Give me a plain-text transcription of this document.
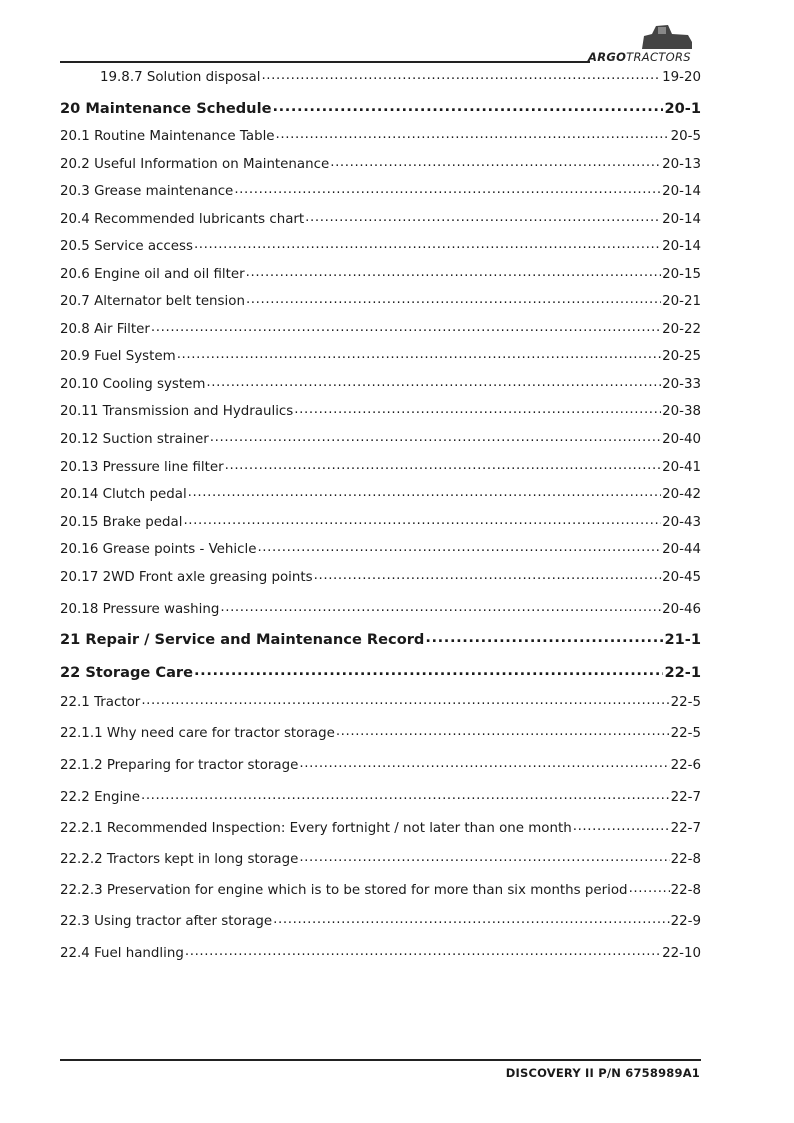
ARGOTRACTORS
19.8.7 Solution disposal .....	19-20
20 Maintenance Schedule .....	20-1
20.1 Routine Maintenance Table .....	20-5
20.2 Useful Information on Maintenance .....	20-13
20.3 Grease maintenance .....	20-14
20.4 Recommended lubricants chart .....	20-14
20.5 Service access .....	20-14
20.6 Engine oil and oil filter .....	20-15
20.7 Alternator belt tension .....	20-21
20.8 Air Filter .....	20-22
20.9 Fuel System .....	20-25
20.10 Cooling system .....	20-33
20.11 Transmission and Hydraulics .....	20-38
20.12 Suction strainer .....	20-40
20.13 Pressure line filter .....	20-41
20.14 Clutch pedal .....	20-42
20.15 Brake pedal .....	20-43
20.16 Grease points - Vehicle .....	20-44
20.17 2WD Front axle greasing points .....	20-45
20.18 Pressure washing .....	20-46
21 Repair / Service and Maintenance Record .....	21-1
22 Storage Care .....	22-1
22.1 Tractor .....	22-5
22.1.1 Why need care for tractor storage .....	22-5
22.1.2 Preparing for tractor storage .....	22-6
22.2 Engine .....	22-7
22.2.1 Recommended Inspection: Every fortnight / not later than one month .....	22-7
22.2.2 Tractors kept in long storage .....	22-8
22.2.3 Preservation for engine which is to be stored for more than six months period .....	22-8
22.3 Using tractor after storage .....	22-9
22.4 Fuel handling .....	22-10
DISCOVERY II P/N 6758989A1
